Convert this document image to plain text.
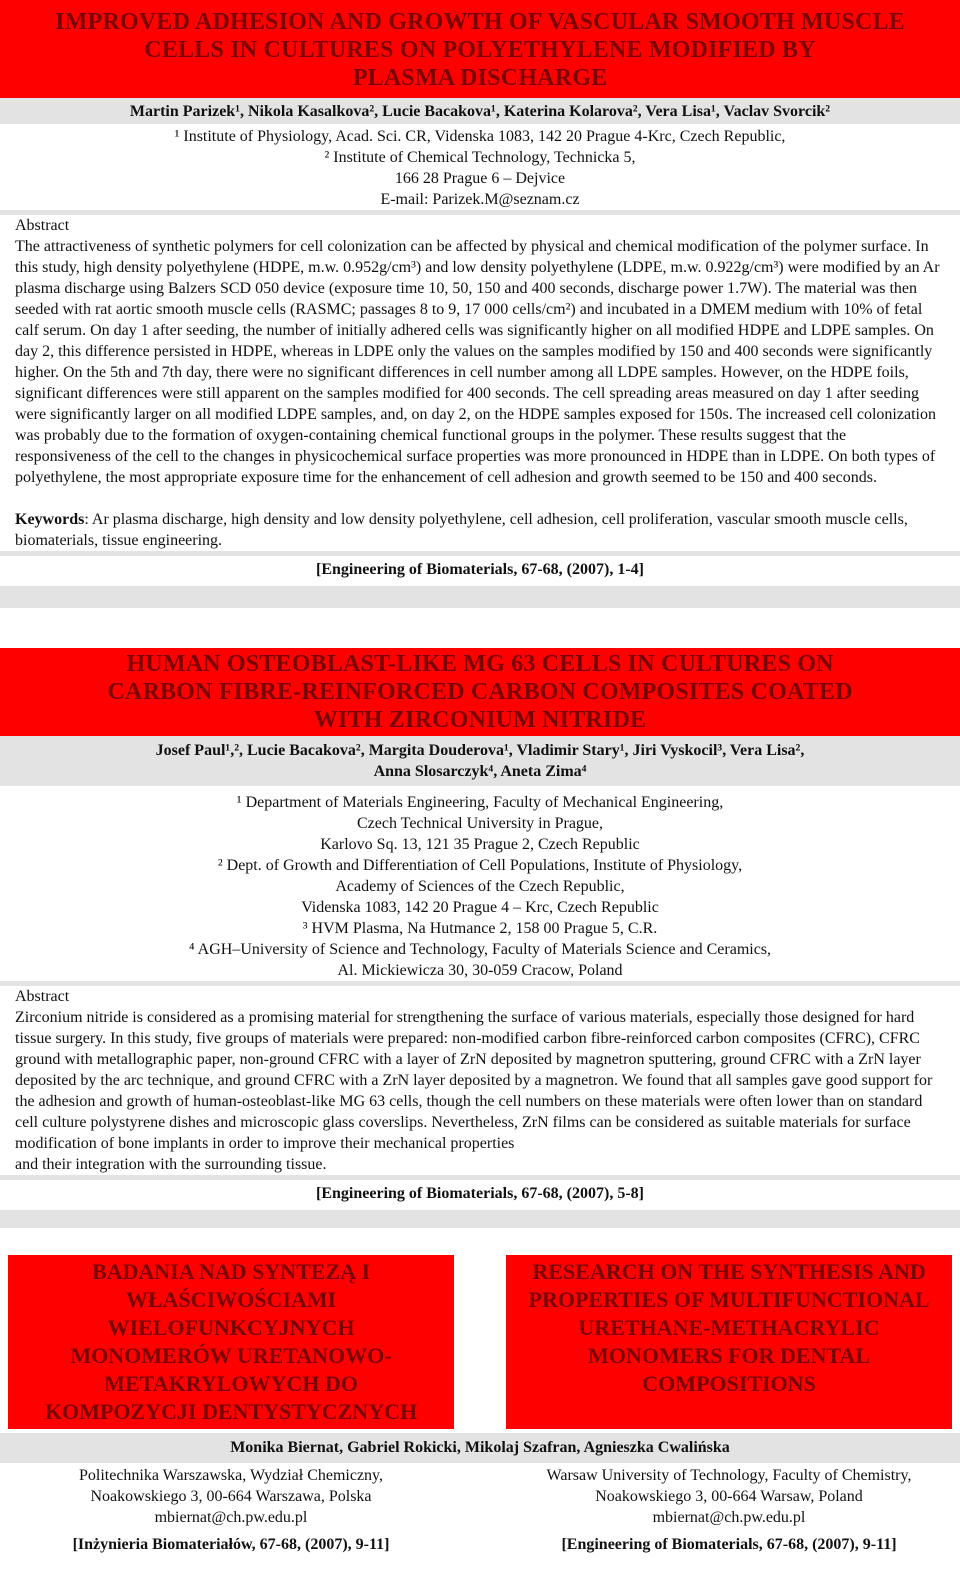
IMPROVED ADHESION AND GROWTH OF VASCULAR SMOOTH MUSCLE
CELLS IN CULTURES ON POLYETHYLENE MODIFIED BY
PLASMA DISCHARGE
Martin Parizek¹, Nikola Kasalkova², Lucie Bacakova¹, Katerina Kolarova², Vera Lisa¹, Vaclav Svorcik²
¹ Institute of Physiology, Acad. Sci. CR, Videnska 1083, 142 20 Prague 4-Krc, Czech Republic,
² Institute of Chemical Technology, Technicka 5,
166 28 Prague 6 – Dejvice
E-mail: Parizek.M@seznam.cz
Abstract

The attractiveness of synthetic polymers for cell colonization can be affected by physical and chemical modification of the polymer surface. In this study, high density polyethylene (HDPE, m.w. 0.952g/cm³) and low density polyethylene (LDPE, m.w. 0.922g/cm³) were modified by an Ar plasma discharge using Balzers SCD 050 device (exposure time 10, 50, 150 and 400 seconds, discharge power 1.7W). The material was then seeded with rat aortic smooth muscle cells (RASMC; passages 8 to 9, 17 000 cells/cm²) and incubated in a DMEM medium with 10% of fetal calf serum. On day 1 after seeding, the number of initially adhered cells was significantly higher on all modified HDPE and LDPE samples. On day 2, this difference persisted in HDPE, whereas in LDPE only the values on the samples modified by 150 and 400 seconds were significantly higher. On the 5th and 7th day, there were no significant differences in cell number among all LDPE samples. However, on the HDPE foils, significant differences were still apparent on the samples modified for 400 seconds. The cell spreading areas measured on day 1 after seeding were significantly larger on all modified LDPE samples, and, on day 2, on the HDPE samples exposed for 150s. The increased cell colonization was probably due to the formation of oxygen-containing chemical functional groups in the polymer. These results suggest that the responsiveness of the cell to the changes in physicochemical surface properties was more pronounced in HDPE than in LDPE. On both types of polyethylene, the most appropriate exposure time for the enhancement of cell adhesion and growth seemed to be 150 and 400 seconds.

Keywords: Ar plasma discharge, high density and low density polyethylene, cell adhesion, cell proliferation, vascular smooth muscle cells, biomaterials, tissue engineering.

[Engineering of Biomaterials, 67-68, (2007), 1-4]
HUMAN OSTEOBLAST-LIKE MG 63 CELLS IN CULTURES ON
CARBON FIBRE-REINFORCED CARBON COMPOSITES COATED
WITH ZIRCONIUM NITRIDE
Josef Paul¹,², Lucie Bacakova², Margita Douderova¹, Vladimir Stary¹, Jiri Vyskocil³, Vera Lisa²,
Anna Slosarczyk⁴, Aneta Zima⁴
¹ Department of Materials Engineering, Faculty of Mechanical Engineering,
Czech Technical University in Prague,
Karlovo Sq. 13, 121 35 Prague 2, Czech Republic
² Dept. of Growth and Differentiation of Cell Populations, Institute of Physiology,
Academy of Sciences of the Czech Republic,
Videnska 1083, 142 20 Prague 4 – Krc, Czech Republic
³ HVM Plasma, Na Hutmance 2, 158 00 Prague 5, C.R.
⁴ AGH–University of Science and Technology, Faculty of Materials Science and Ceramics,
Al. Mickiewicza 30, 30-059 Cracow, Poland
Abstract

Zirconium nitride is considered as a promising material for strengthening the surface of various materials, especially those designed for hard tissue surgery. In this study, five groups of materials were prepared: non-modified carbon fibre-reinforced carbon composites (CFRC), CFRC ground with metallographic paper, non-ground CFRC with a layer of ZrN deposited by magnetron sputtering, ground CFRC with a ZrN layer deposited by the arc technique, and ground CFRC with a ZrN layer deposited by a magnetron. We found that all samples gave good support for the adhesion and growth of human-osteoblast-like MG 63 cells, though the cell numbers on these materials were often lower than on standard cell culture polystyrene dishes and microscopic glass coverslips. Nevertheless, ZrN films can be considered as suitable materials for surface modification of bone implants in order to improve their mechanical properties

and their integration with the surrounding tissue.

[Engineering of Biomaterials, 67-68, (2007), 5-8]
BADANIA NAD SYNTEZĄ I
WŁAŚCIWOŚCIAMI
WIELOFUNKCYJNYCH
MONOMERÓW URETANOWO-
METAKRYLOWYCH DO
KOMPOZYCJI DENTYSTYCZNYCH
RESEARCH ON THE SYNTHESIS AND
PROPERTIES OF MULTIFUNCTIONAL
URETHANE-METHACRYLIC
MONOMERS FOR DENTAL
COMPOSITIONS
Monika Biernat, Gabriel Rokicki, Mikolaj Szafran, Agnieszka Cwalińska
Politechnika Warszawska, Wydział Chemiczny,
Noakowskiego 3, 00-664 Warszawa, Polska
mbiernat@ch.pw.edu.pl
Warsaw University of Technology, Faculty of Chemistry,
Noakowskiego 3, 00-664 Warsaw, Poland
mbiernat@ch.pw.edu.pl
[Inżynieria Biomateriałów, 67-68, (2007), 9-11]	[Engineering of Biomaterials, 67-68, (2007), 9-11]
